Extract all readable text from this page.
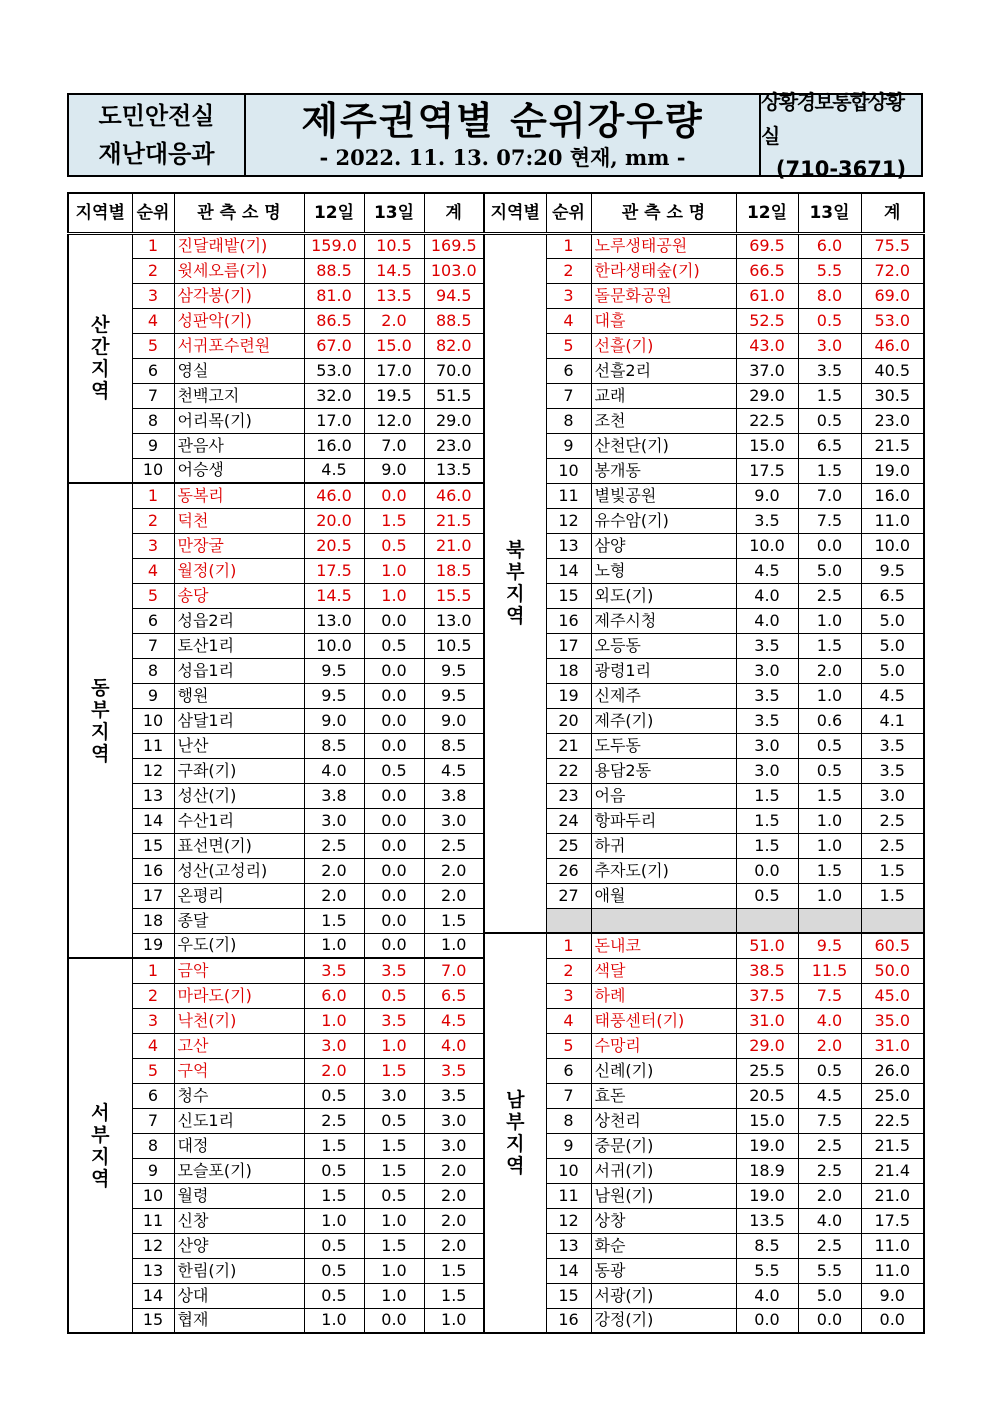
도민안전실
재난대응과
제주권역별 순위강우량
- 2022. 11. 13. 07:20 현재, mm -
상황경보통합상황실
(710-3671)
지역별	순위	관 측 소 명	12일	13일	계
산
간
지
역	1	진달래밭(기)	159.0	10.5	169.5
	2	윗세오름(기)	88.5	14.5	103.0
	3	삼각봉(기)	81.0	13.5	94.5
	4	성판악(기)	86.5	2.0	88.5
	5	서귀포수련원	67.0	15.0	82.0
	6	영실	53.0	17.0	70.0
	7	천백고지	32.0	19.5	51.5
	8	어리목(기)	17.0	12.0	29.0
	9	관음사	16.0	7.0	23.0
	10	어승생	4.5	9.0	13.5
동
부
지
역	1	동복리	46.0	0.0	46.0
	2	덕천	20.0	1.5	21.5
	3	만장굴	20.5	0.5	21.0
	4	월정(기)	17.5	1.0	18.5
	5	송당	14.5	1.0	15.5
	6	성읍2리	13.0	0.0	13.0
	7	토산1리	10.0	0.5	10.5
	8	성읍1리	9.5	0.0	9.5
	9	행원	9.5	0.0	9.5
	10	삼달1리	9.0	0.0	9.0
	11	난산	8.5	0.0	8.5
	12	구좌(기)	4.0	0.5	4.5
	13	성산(기)	3.8	0.0	3.8
	14	수산1리	3.0	0.0	3.0
	15	표선면(기)	2.5	0.0	2.5
	16	성산(고성리)	2.0	0.0	2.0
	17	온평리	2.0	0.0	2.0
	18	종달	1.5	0.0	1.5
	19	우도(기)	1.0	0.0	1.0
서
부
지
역	1	금악	3.5	3.5	7.0
	2	마라도(기)	6.0	0.5	6.5
	3	낙천(기)	1.0	3.5	4.5
	4	고산	3.0	1.0	4.0
	5	구억	2.0	1.5	3.5
	6	청수	0.5	3.0	3.5
	7	신도1리	2.5	0.5	3.0
	8	대정	1.5	1.5	3.0
	9	모슬포(기)	0.5	1.5	2.0
	10	월령	1.5	0.5	2.0
	11	신창	1.0	1.0	2.0
	12	산양	0.5	1.5	2.0
	13	한림(기)	0.5	1.0	1.5
	14	상대	0.5	1.0	1.5
	15	협재	1.0	0.0	1.0
지역별	순위	관 측 소 명	12일	13일	계
북
부
지
역	1	노루생태공원	69.5	6.0	75.5
	2	한라생태숲(기)	66.5	5.5	72.0
	3	돌문화공원	61.0	8.0	69.0
	4	대흘	52.5	0.5	53.0
	5	선흘(기)	43.0	3.0	46.0
	6	선흘2리	37.0	3.5	40.5
	7	교래	29.0	1.5	30.5
	8	조천	22.5	0.5	23.0
	9	산천단(기)	15.0	6.5	21.5
	10	봉개동	17.5	1.5	19.0
	11	별빛공원	9.0	7.0	16.0
	12	유수암(기)	3.5	7.5	11.0
	13	삼양	10.0	0.0	10.0
	14	노형	4.5	5.0	9.5
	15	외도(기)	4.0	2.5	6.5
	16	제주시청	4.0	1.0	5.0
	17	오등동	3.5	1.5	5.0
	18	광령1리	3.0	2.0	5.0
	19	신제주	3.5	1.0	4.5
	20	제주(기)	3.5	0.6	4.1
	21	도두동	3.0	0.5	3.5
	22	용담2동	3.0	0.5	3.5
	23	어음	1.5	1.5	3.0
	24	항파두리	1.5	1.0	2.5
	25	하귀	1.5	1.0	2.5
	26	추자도(기)	0.0	1.5	1.5
	27	애월	0.5	1.0	1.5

남
부
지
역	1	돈내코	51.0	9.5	60.5
	2	색달	38.5	11.5	50.0
	3	하례	37.5	7.5	45.0
	4	태풍센터(기)	31.0	4.0	35.0
	5	수망리	29.0	2.0	31.0
	6	신례(기)	25.5	0.5	26.0
	7	효돈	20.5	4.5	25.0
	8	상천리	15.0	7.5	22.5
	9	중문(기)	19.0	2.5	21.5
	10	서귀(기)	18.9	2.5	21.4
	11	남원(기)	19.0	2.0	21.0
	12	상창	13.5	4.0	17.5
	13	화순	8.5	2.5	11.0
	14	동광	5.5	5.5	11.0
	15	서광(기)	4.0	5.0	9.0
	16	강정(기)	0.0	0.0	0.0
